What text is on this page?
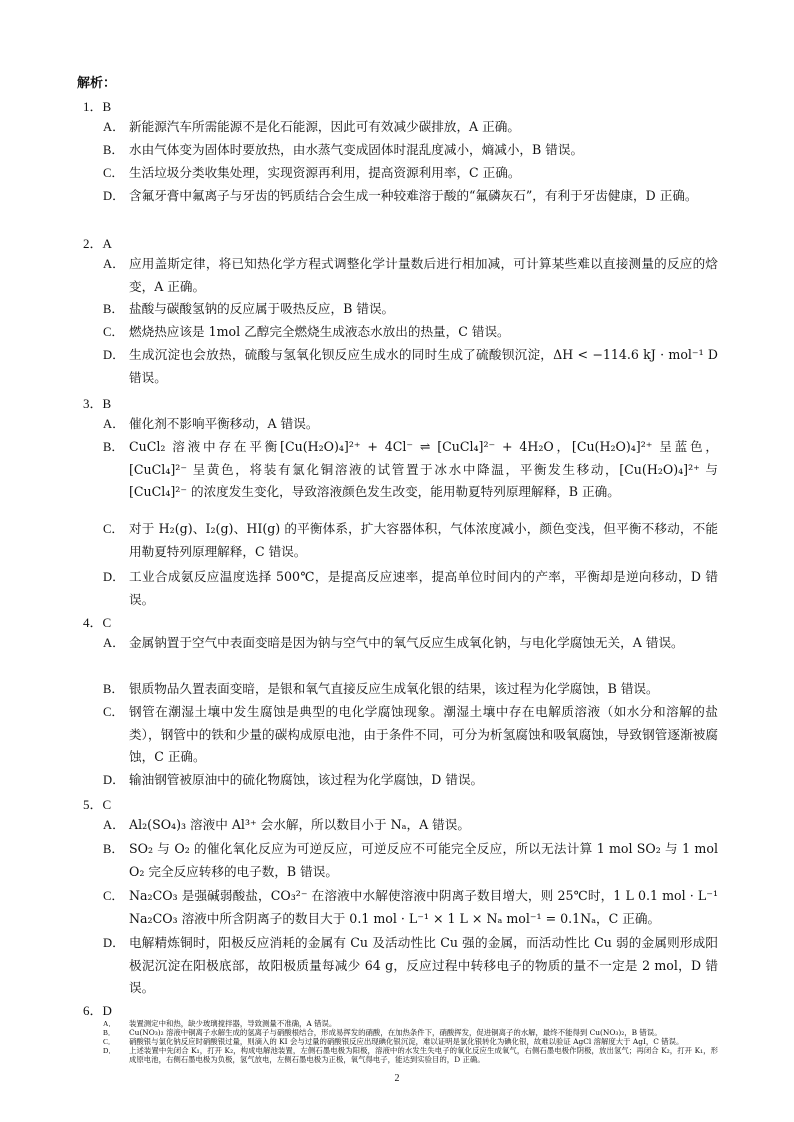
解析：
1．B
A． 新能源汽车所需能源不是化石能源，因此可有效减少碳排放，A 正确。
B． 水由气体变为固体时要放热，由水蒸气变成固体时混乱度减小，熵减小，B 错误。
C． 生活垃圾分类收集处理，实现资源再利用，提高资源利用率，C 正确。
D． 含氟牙膏中氟离子与牙齿的钙质结合会生成一种较难溶于酸的“氟磷灰石”，有利于牙齿健康，D 正确。
2．A
A． 应用盖斯定律，将已知热化学方程式调整化学计量数后进行相加减，可计算某些难以直接测量的反应的焓变，A 正确。
B． 盐酸与碳酸氢钠的反应属于吸热反应，B 错误。
C． 燃烧热应该是 1mol 乙醇完全燃烧生成液态水放出的热量，C 错误。
D． 生成沉淀也会放热，硫酸与氢氧化钡反应生成水的同时生成了硫酸钡沉淀，ΔH < −114.6 kJ · mol⁻¹ D 错误。
3．B
A． 催化剂不影响平衡移动，A 错误。
B． CuCl₂ 溶液中存在平衡[Cu(H₂O)₄]²⁺ + 4Cl⁻ ⇌ [CuCl₄]²⁻ + 4H₂O，[Cu(H₂O)₄]²⁺ 呈蓝色，[CuCl₄]²⁻ 呈黄色，将装有氯化铜溶液的试管置于冰水中降温，平衡发生移动，[Cu(H₂O)₄]²⁺ 与 [CuCl₄]²⁻ 的浓度发生变化，导致溶液颜色发生改变，能用勒夏特列原理解释，B 正确。
C． 对于 H₂(g)、I₂(g)、HI(g) 的平衡体系，扩大容器体积，气体浓度减小，颜色变浅，但平衡不移动，不能用勒夏特列原理解释，C 错误。
D． 工业合成氨反应温度选择 500℃，是提高反应速率，提高单位时间内的产率，平衡却是逆向移动，D 错误。
4．C
A． 金属钠置于空气中表面变暗是因为钠与空气中的氧气反应生成氧化钠，与电化学腐蚀无关，A 错误。
B． 银质物品久置表面变暗，是银和氧气直接反应生成氧化银的结果，该过程为化学腐蚀，B 错误。
C． 钢管在潮湿土壤中发生腐蚀是典型的电化学腐蚀现象。潮湿土壤中存在电解质溶液（如水分和溶解的盐类），钢管中的铁和少量的碳构成原电池，由于条件不同，可分为析氢腐蚀和吸氧腐蚀，导致钢管逐渐被腐蚀，C 正确。
D． 输油钢管被原油中的硫化物腐蚀，该过程为化学腐蚀，D 错误。
5．C
A． Al₂(SO₄)₃ 溶液中 Al³⁺ 会水解，所以数目小于 Nₐ，A 错误。
B． SO₂ 与 O₂ 的催化氧化反应为可逆反应，可逆反应不可能完全反应，所以无法计算 1 mol SO₂ 与 1 mol O₂ 完全反应转移的电子数，B 错误。
C． Na₂CO₃ 是强碱弱酸盐，CO₃²⁻ 在溶液中水解使溶液中阴离子数目增大，则 25℃时，1 L 0.1 mol · L⁻¹ Na₂CO₃ 溶液中所含阴离子的数目大于 0.1 mol · L⁻¹ × 1 L × Nₐ mol⁻¹ = 0.1Nₐ，C 正确。
D． 电解精炼铜时，阳极反应消耗的金属有 Cu 及活动性比 Cu 强的金属，而活动性比 Cu 弱的金属则形成阳极泥沉淀在阳极底部，故阳极质量每减少 64 g，反应过程中转移电子的物质的量不一定是 2 mol，D 错误。
6．D
A． 装置测定中和热，缺少玻璃搅拌器，导致测量不准确，A 错误。
B． Cu(NO₃)₂ 溶液中铜离子水解生成的氢离子与硝酸根结合，形成易挥发的硝酸，在加热条件下，硝酸挥发，促进铜离子的水解，最终不能得到 Cu(NO₃)₂，B 错误。
C． 硝酸银与氯化钠反应时硝酸银过量，则滴入的 KI 会与过量的硝酸银反应出现碘化银沉淀，难以证明是氯化银转化为碘化银，故难以验证 AgCl 溶解度大于 AgI，C 错误。
D． 上述装置中先闭合 K₁，打开 K₂，构成电解池装置，左侧石墨电极为阳极，溶液中的水发生失电子的氧化反应生成氧气，右侧石墨电极作阴极，放出氢气；再闭合 K₂，打开 K₁，形成原电池，右侧石墨电极为负极，氢气放电，左侧石墨电极为正极，氧气得电子，能达到实验目的，D 正确。
2
